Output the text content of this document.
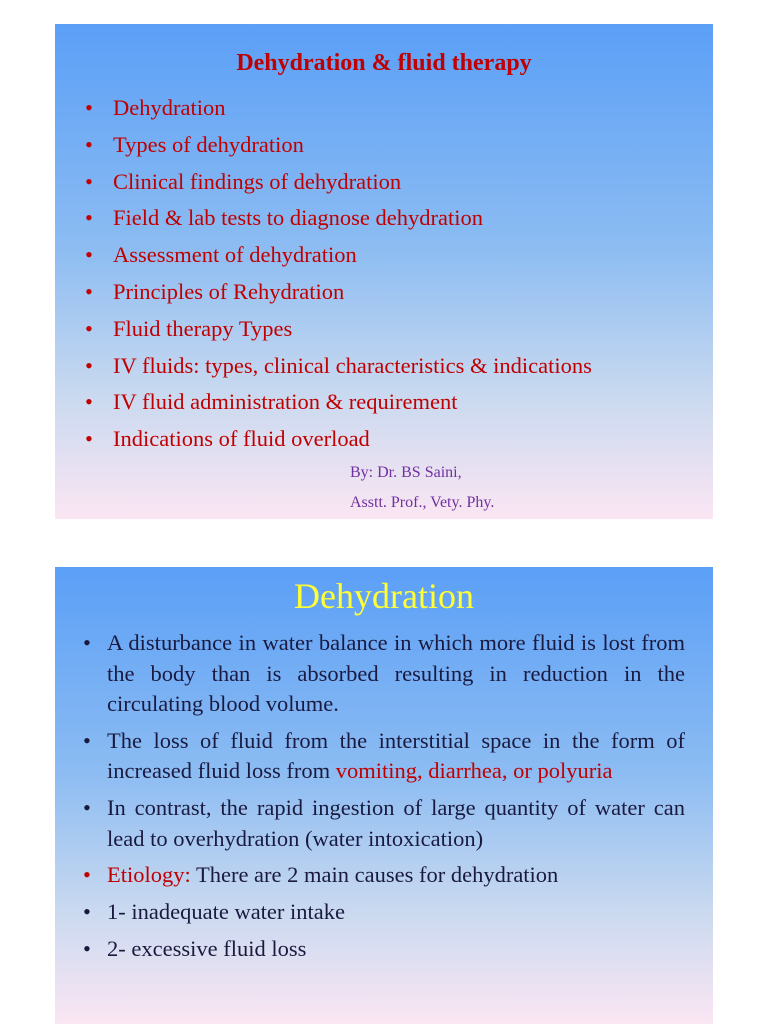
Dehydration & fluid therapy
• Dehydration
• Types of dehydration
• Clinical findings of dehydration
• Field & lab tests to diagnose dehydration
• Assessment of dehydration
• Principles of Rehydration
• Fluid therapy Types
• IV fluids: types, clinical characteristics & indications
• IV fluid administration & requirement
• Indications of fluid overload
By: Dr. BS Saini,
Asstt. Prof., Vety. Phy.
Dehydration
• A disturbance in water balance in which more fluid is lost from the body than is absorbed resulting in reduction in the circulating blood volume.
• The loss of fluid from the interstitial space in the form of increased fluid loss from vomiting, diarrhea, or polyuria
• In contrast, the rapid ingestion of large quantity of water can lead to overhydration (water intoxication)
• Etiology: There are 2 main causes for dehydration
• 1- inadequate water intake
• 2- excessive fluid loss
